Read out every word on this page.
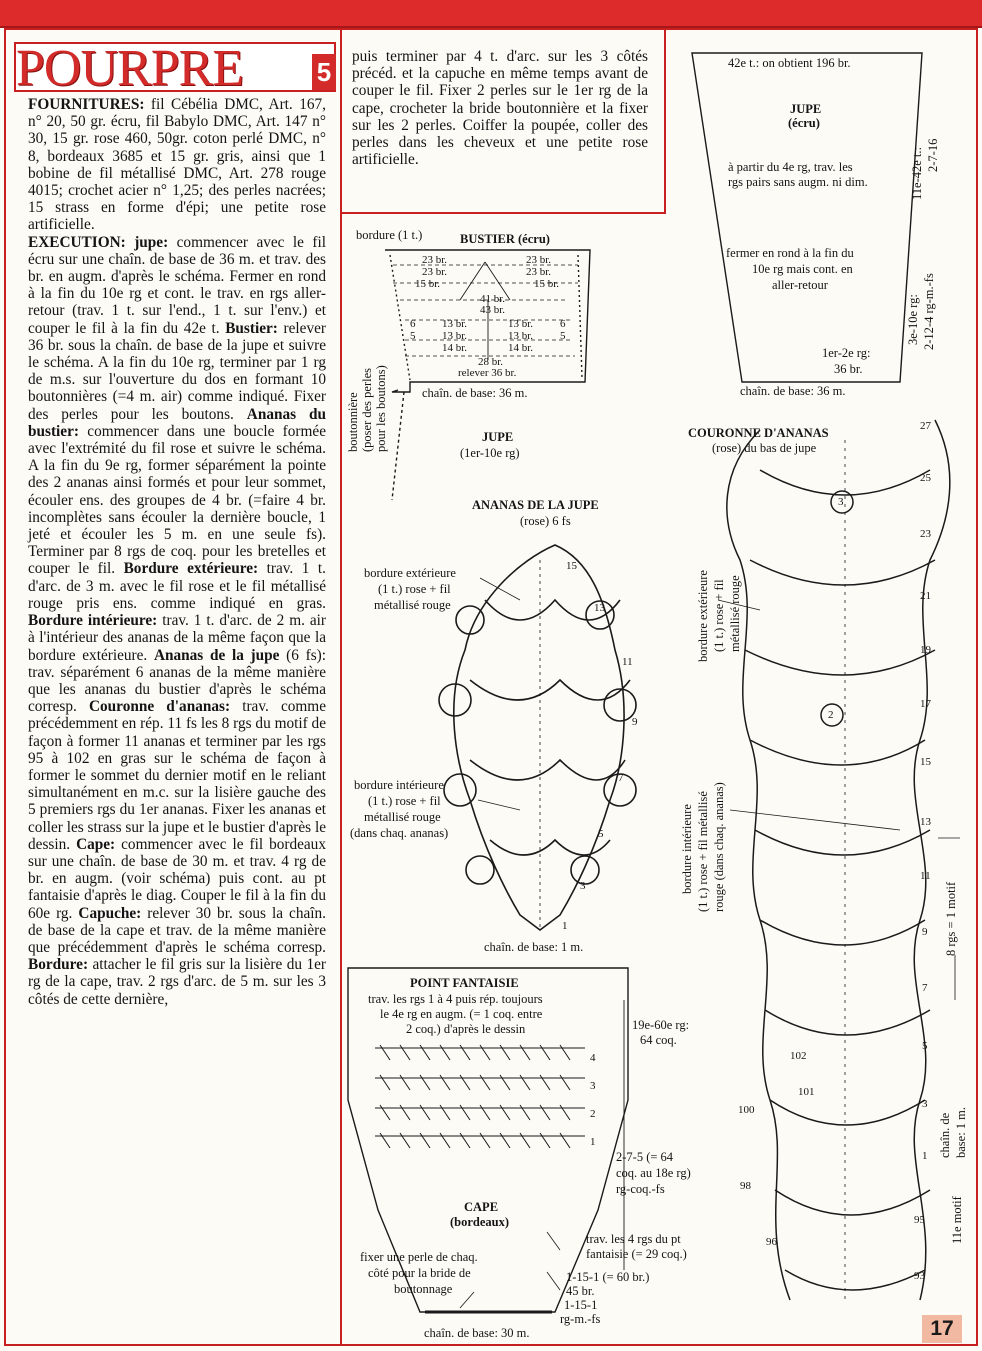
POURPRE	5

FOURNITURES: fil Cébélia DMC, Art. 167, n° 20, 50 gr. écru, fil Babylo DMC, Art. 147 n° 30, 15 gr. rose 460, 50gr. coton perlé DMC, n° 8, bordeaux 3685 et 15 gr. gris, ainsi que 1 bobine de fil métallisé DMC, Art. 278 rouge 4015; crochet acier n° 1,25; des perles nacrées; 15 strass en forme d'épi; une petite rose artificielle.

EXECUTION: jupe: commencer avec le fil écru sur une chaîn. de base de 36 m. et trav. des br. en augm. d'après le schéma. Fermer en rond à la fin du 10e rg et cont. le trav. en rgs aller-retour (trav. 1 t. sur l'end., 1 t. sur l'env.) et couper le fil à la fin du 42e t. Bustier: relever 36 br. sous la chaîn. de base de la jupe et suivre le schéma. A la fin du 10e rg, terminer par 1 rg de m.s. sur l'ouverture du dos en formant 10 boutonnières (=4 m. air) comme indiqué. Fixer des perles pour les boutons. Ananas du bustier: commencer dans une boucle formée avec l'extrémité du fil rose et suivre le schéma. A la fin du 9e rg, former séparément la pointe des 2 ananas ainsi formés et pour leur sommet, écouler ens. des groupes de 4 br. (=faire 4 br. incomplètes sans écouler la dernière boucle, 1 jeté et écouler les 5 m. en une seule fs). Terminer par 8 rgs de coq. pour les bretelles et couper le fil. Bordure extérieure: trav. 1 t. d'arc. de 3 m. avec le fil rose et le fil métallisé rouge pris ens. comme indiqué en gras. Bordure intérieure: trav. 1 t. d'arc. de 2 m. air à l'intérieur des ananas de la même façon que la bordure extérieure. Ananas de la jupe (6 fs): trav. séparément 6 ananas de la même manière que les ananas du bustier d'après le schéma corresp. Couronne d'ananas: trav. comme précédemment en rép. 11 fs les 8 rgs du motif de façon à former 11 ananas et terminer par les rgs 95 à 102 en gras sur le schéma de façon à former le sommet du dernier motif en le reliant simultanément en m.c. sur la lisière gauche des 5 premiers rgs du 1er ananas. Fixer les ananas et coller les strass sur la jupe et le bustier d'après le dessin. Cape: commencer avec le fil bordeaux sur une chaîn. de base de 30 m. et trav. 4 rg de br. en augm. (voir schéma) puis cont. au pt fantaisie d'après le diag. Couper le fil à la fin du 60e rg. Capuche: relever 30 br. sous la chaîn. de base de la cape et trav. de la même manière que précédemment d'après le schéma corresp. Bordure: attacher le fil gris sur la lisière du 1er rg de la cape, trav. 2 rgs d'arc. de 5 m. sur les 3 côtés de cette dernière,

puis terminer par 4 t. d'arc. sur les 3 côtés précéd. et la capuche en même temps avant de couper le fil. Fixer 2 perles sur le 1er rg de la cape, crocheter la bride boutonnière et la fixer sur les 2 perles. Coiffer la poupée, coller des perles dans les cheveux et une petite rose artificielle.

bordure (1 t.)	BUSTIER (écru)
23 br.	23 br.
23 br.	23 br.
15 br.	15 br.
41 br.
43 br.
6 13 br.	13 br. 6
5 13 br.	13 br. 5
14 br.	14 br.
28 br.
relever 36 br.
chaîn. de base: 36 m.
boutonnière (poser des perles pour les boutons)	JUPE
(1er-10e rg)
42e t.: on obtient 196 br.
JUPE
(écru)
à partir du 4e rg, trav. les
rgs pairs sans augm. ni dim.
fermer en rond à la fin du
10e rg mais cont. en
aller-retour
1er-2e rg:
36 br.
chaîn. de base: 36 m.
11e-42e t.: 2-7-16
3e-10e rg: 2-12-4 rg-m.-fs
ANANAS DE LA JUPE
(rose) 6 fs
bordure extérieure
(1 t.) rose + fil
métallisé rouge
bordure intérieure
(1 t.) rose + fil
métallisé rouge
(dans chaq. ananas)
15
13
11
9
7
5
3
1
chaîn. de base: 1 m.
POINT FANTAISIE
trav. les rgs 1 à 4 puis rép. toujours
le 4e rg en augm. (= 1 coq. entre
2 coq.) d'après le dessin
4
3
2
1
19e-60e rg:
64 coq.
2-7-5 (= 64
coq. au 18e rg)
rg-coq.-fs
CAPE
(bordeaux)
trav. les 4 rgs du pt
fantaisie (= 29 coq.)
fixer une perle de chaq.
côté pour la bride de
boutonnage
1-15-1 (= 60 br.)
45 br.
1-15-1
rg-m.-fs
chaîn. de base: 30 m.
COURONNE D'ANANAS
(rose) du bas de jupe
bordure extérieure (1 t.) rose + fil métallisé rouge
bordure intérieure (1 t.) rose + fil métallisé rouge (dans chaq. ananas)
8 rgs = 1 motif
chaîn. de base: 1 m.
11e motif
27
25
23
21
19
17
15
13
11
9
7
5
3
1
3
2
102
101
100
98
96
95
93
17
